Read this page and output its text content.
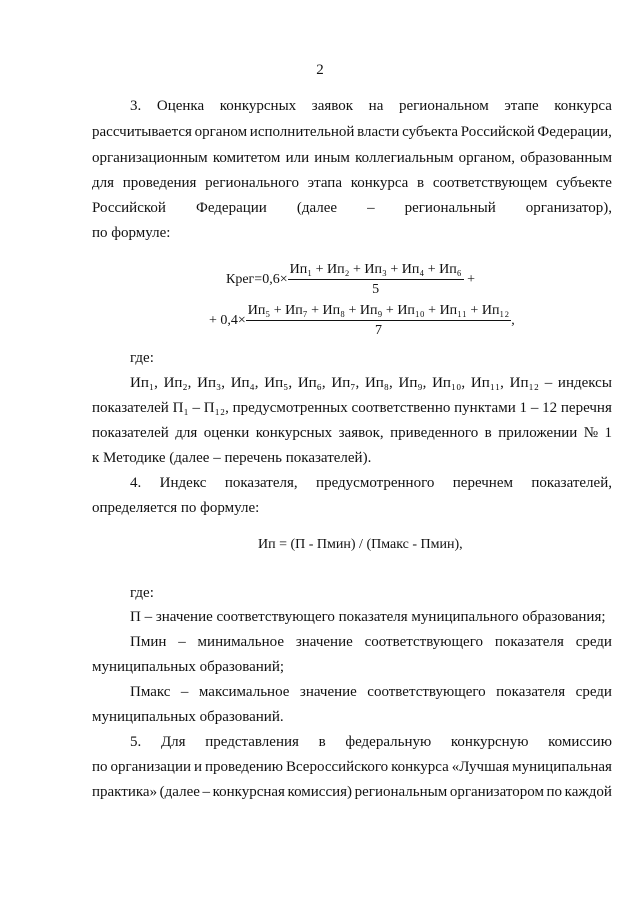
2
3. Оценка конкурсных заявок на региональном этапе конкурса
рассчитывается органом исполнительной власти субъекта Российской Федерации,
организационным комитетом или иным коллегиальным органом, образованным
для проведения регионального этапа конкурса в соответствующем субъекте
Российской Федерации (далее – региональный организатор),
по формуле:
Крег=0,6× $\frac{\text{Ип₁ + Ип₂ + Ип₃ + Ип₄ + Ип₆}}{5}$ +
+ $0,4\times \frac{\text{Ип₅ + Ип₇ + Ип₈ + Ип₉ + Ип₁₀ + Ип₁₁ + Ип₁₂}}{7}$ ,
где:
Ип₁, Ип₂, Ип₃, Ип₄, Ип₅, Ип₆, Ип₇, Ип₈, Ип₉, Ип₁₀, Ип₁₁, Ип₁₂ – индексы
показателей П₁ – П₁₂, предусмотренных соответственно пунктами 1 – 12 перечня
показателей для оценки конкурсных заявок, приведенного в приложении № 1
к Методике (далее – перечень показателей).
4. Индекс показателя, предусмотренного перечнем показателей,
определяется по формуле:
Ип = (П - Пмин) / (Пмакс - Пмин),
где:
П – значение соответствующего показателя муниципального образования;
Пмин – минимальное значение соответствующего показателя среди
муниципальных образований;
Пмакс – максимальное значение соответствующего показателя среди
муниципальных образований.
5. Для представления в федеральную конкурсную комиссию
по организации и проведению Всероссийского конкурса «Лучшая муниципальная
практика» (далее – конкурсная комиссия) региональным организатором по каждой
